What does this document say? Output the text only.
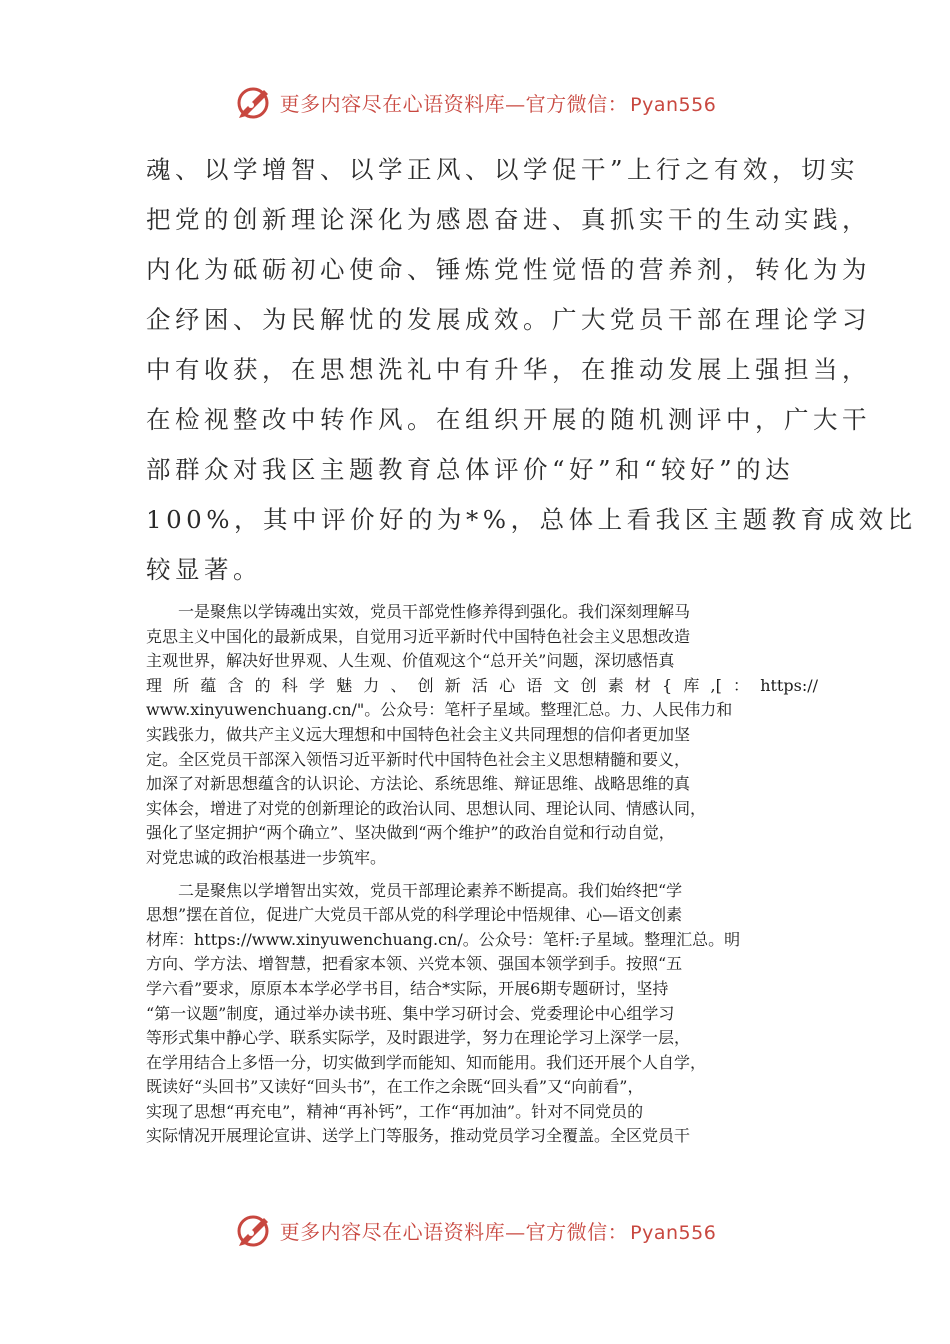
更多内容尽在心语资料库—官方微信： Pyan556
魂、以学增智、以学正风、以学促干”上行之有效，切实
把党的创新理论深化为感恩奋进、真抓实干的生动实践，
内化为砥砺初心使命、锤炼党性觉悟的营养剂，转化为为
企纾困、为民解忧的发展成效。广大党员干部在理论学习
中有收获，在思想洗礼中有升华，在推动发展上强担当，
在检视整改中转作风。在组织开展的随机测评中，广大干
部群众对我区主题教育总体评价“好”和“较好”的达
100%，其中评价好的为*%，总体上看我区主题教育成效比
较显著。
　　一是聚焦以学铸魂出实效，党员干部党性修养得到强化。我们深刻理解马
克思主义中国化的最新成果，自觉用习近平新时代中国特色社会主义思想改造
主观世界，解决好世界观、人生观、价值观这个“总开关”问题，深切感悟真
理所蕴含的科学魅力、创新活心语文创素材{库,[：https://
www.xinyuwenchuang.cn/"。公众号：笔杆子星域。整理汇总。力、人民伟力和
实践张力，做共产主义远大理想和中国特色社会主义共同理想的信仰者更加坚
定。全区党员干部深入领悟习近平新时代中国特色社会主义思想精髓和要义，
加深了对新思想蕴含的认识论、方法论、系统思维、辩证思维、战略思维的真
实体会，增进了对党的创新理论的政治认同、思想认同、理论认同、情感认同，
强化了坚定拥护“两个确立”、坚决做到“两个维护”的政治自觉和行动自觉，
对党忠诚的政治根基进一步筑牢。
　　二是聚焦以学增智出实效，党员干部理论素养不断提高。我们始终把“学
思想”摆在首位，促进广大党员干部从党的科学理论中悟规律、心—语文创素
材库：https://www.xinyuwenchuang.cn/。公众号：笔杆:子星域。整理汇总。明
方向、学方法、增智慧，把看家本领、兴党本领、强国本领学到手。按照“五
学六看”要求，原原本本学必学书目，结合*实际，开展6期专题研讨，坚持
“第一议题”制度，通过举办读书班、集中学习研讨会、党委理论中心组学习
等形式集中静心学、联系实际学，及时跟进学，努力在理论学习上深学一层，
在学用结合上多悟一分，切实做到学而能知、知而能用。我们还开展个人自学，
既读好“头回书”又读好“回头书”，在工作之余既“回头看”又“向前看”，
实现了思想“再充电”，精神“再补钙”，工作“再加油”。针对不同党员的
实际情况开展理论宣讲、送学上门等服务，推动党员学习全覆盖。全区党员干
更多内容尽在心语资料库—官方微信： Pyan556
